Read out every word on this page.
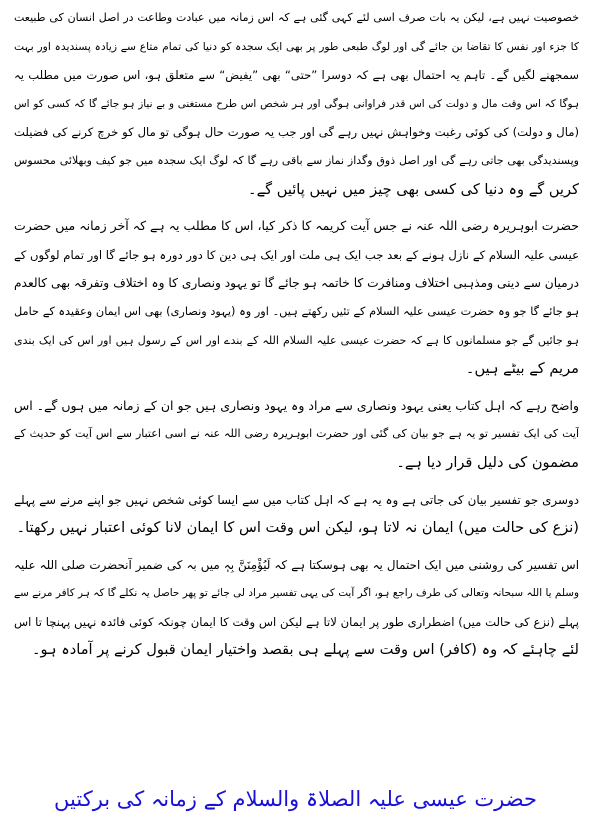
خصوصیت نہیں ہے، لیکن یہ بات صرف اسی لئے کہی گئی ہے کہ اس زمانہ میں عبادت وطاعت در اصل انسان کی طبیعت
کا جزء اور نفس کا تقاضا بن جائے گی اور لوگ طبعی طور پر بھی ایک سجدہ کو دنیا کی تمام متاع سے زیادہ پسندیدہ اور بہت
سمجھنے لگیں گے۔ تاہم یہ احتمال بھی ہے کہ دوسرا ”حتی“ بھی ”یفیض“ سے متعلق ہو، اس صورت میں مطلب یہ
ہوگا کہ اس وقت مال و دولت کی اس قدر فراوانی ہوگی اور ہر شخص اس طرح مستغنی و بے نیاز ہو جائے گا کہ کسی کو اس
(مال و دولت) کی کوئی رغبت وخواہش نہیں رہے گی اور جب یہ صورت حال ہوگی تو مال کو خرچ کرنے کی فضیلت
وپسندیدگی بھی جاتی رہے گی اور اصل ذوق وگداز نماز سے باقی رہے گا کہ لوگ ایک سجدہ میں جو کیف وبھلائی محسوس
کریں گے وہ دنیا کی کسی بھی چیز میں نہیں پائیں گے۔
حضرت ابوہریرہ رضی اللہ عنہ نے جس آیت کریمہ کا ذکر کیا، اس کا مطلب یہ ہے کہ آخر زمانہ میں حضرت
عیسی علیہ السلام کے نازل ہونے کے بعد جب ایک ہی ملت اور ایک ہی دین کا دور دورہ ہو جائے گا اور تمام لوگوں کے
درمیان سے دینی ومذہبی اختلاف ومنافرت کا خاتمہ ہو جائے گا تو یہود ونصاری کا وہ اختلاف وتفرقہ بھی کالعدم
ہو جائے گا جو وہ حضرت عیسی علیہ السلام کے تئیں رکھتے ہیں۔ اور وہ (یہود ونصاری) بھی اس ایمان وعقیدہ کے حامل
ہو جائیں گے جو مسلمانوں کا ہے کہ حضرت عیسی علیہ السلام اللہ کے بندے اور اس کے رسول ہیں اور اس کی ایک بندی
مریم کے بیٹے ہیں۔
واضح رہے کہ اہل کتاب یعنی یہود ونصاری سے مراد وہ یہود ونصاری ہیں جو ان کے زمانہ میں ہوں گے۔ اس
آیت کی ایک تفسیر تو یہ ہے جو بیان کی گئی اور حضرت ابوہریرہ رضی اللہ عنہ نے اسی اعتبار سے اس آیت کو حدیث کے
مضمون کی دلیل قرار دیا ہے۔
دوسری جو تفسیر بیان کی جاتی ہے وہ یہ ہے کہ اہل کتاب میں سے ایسا کوئی شخص نہیں جو اپنے مرنے سے پہلے
(نزع کی حالت میں) ایمان نہ لاتا ہو، لیکن اس وقت اس کا ایمان لانا کوئی اعتبار نہیں رکھتا۔
اس تفسیر کی روشنی میں ایک احتمال یہ بھی ہوسکتا ہے کہ لَیُؤْمِنَنَّ بِہٖ میں بہ کی ضمیر آنحضرت صلی اللہ علیہ
وسلم یا اللہ سبحانہ وتعالی کی طرف راجع ہو، اگر آیت کی یہی تفسیر مراد لی جائے تو پھر حاصل یہ نکلے گا کہ ہر کافر مرنے سے
پہلے (نزع کی حالت میں) اضطراری طور پر ایمان لاتا ہے لیکن اس وقت کا ایمان چونکہ کوئی فائدہ نہیں پہنچا تا اس
لئے چاہئے کہ وہ (کافر) اس وقت سے پہلے ہی بقصد واختیار ایمان قبول کرنے پر آمادہ ہو۔
حضرت عیسی علیہ الصلاۃ والسلام کے زمانہ کی برکتیں
